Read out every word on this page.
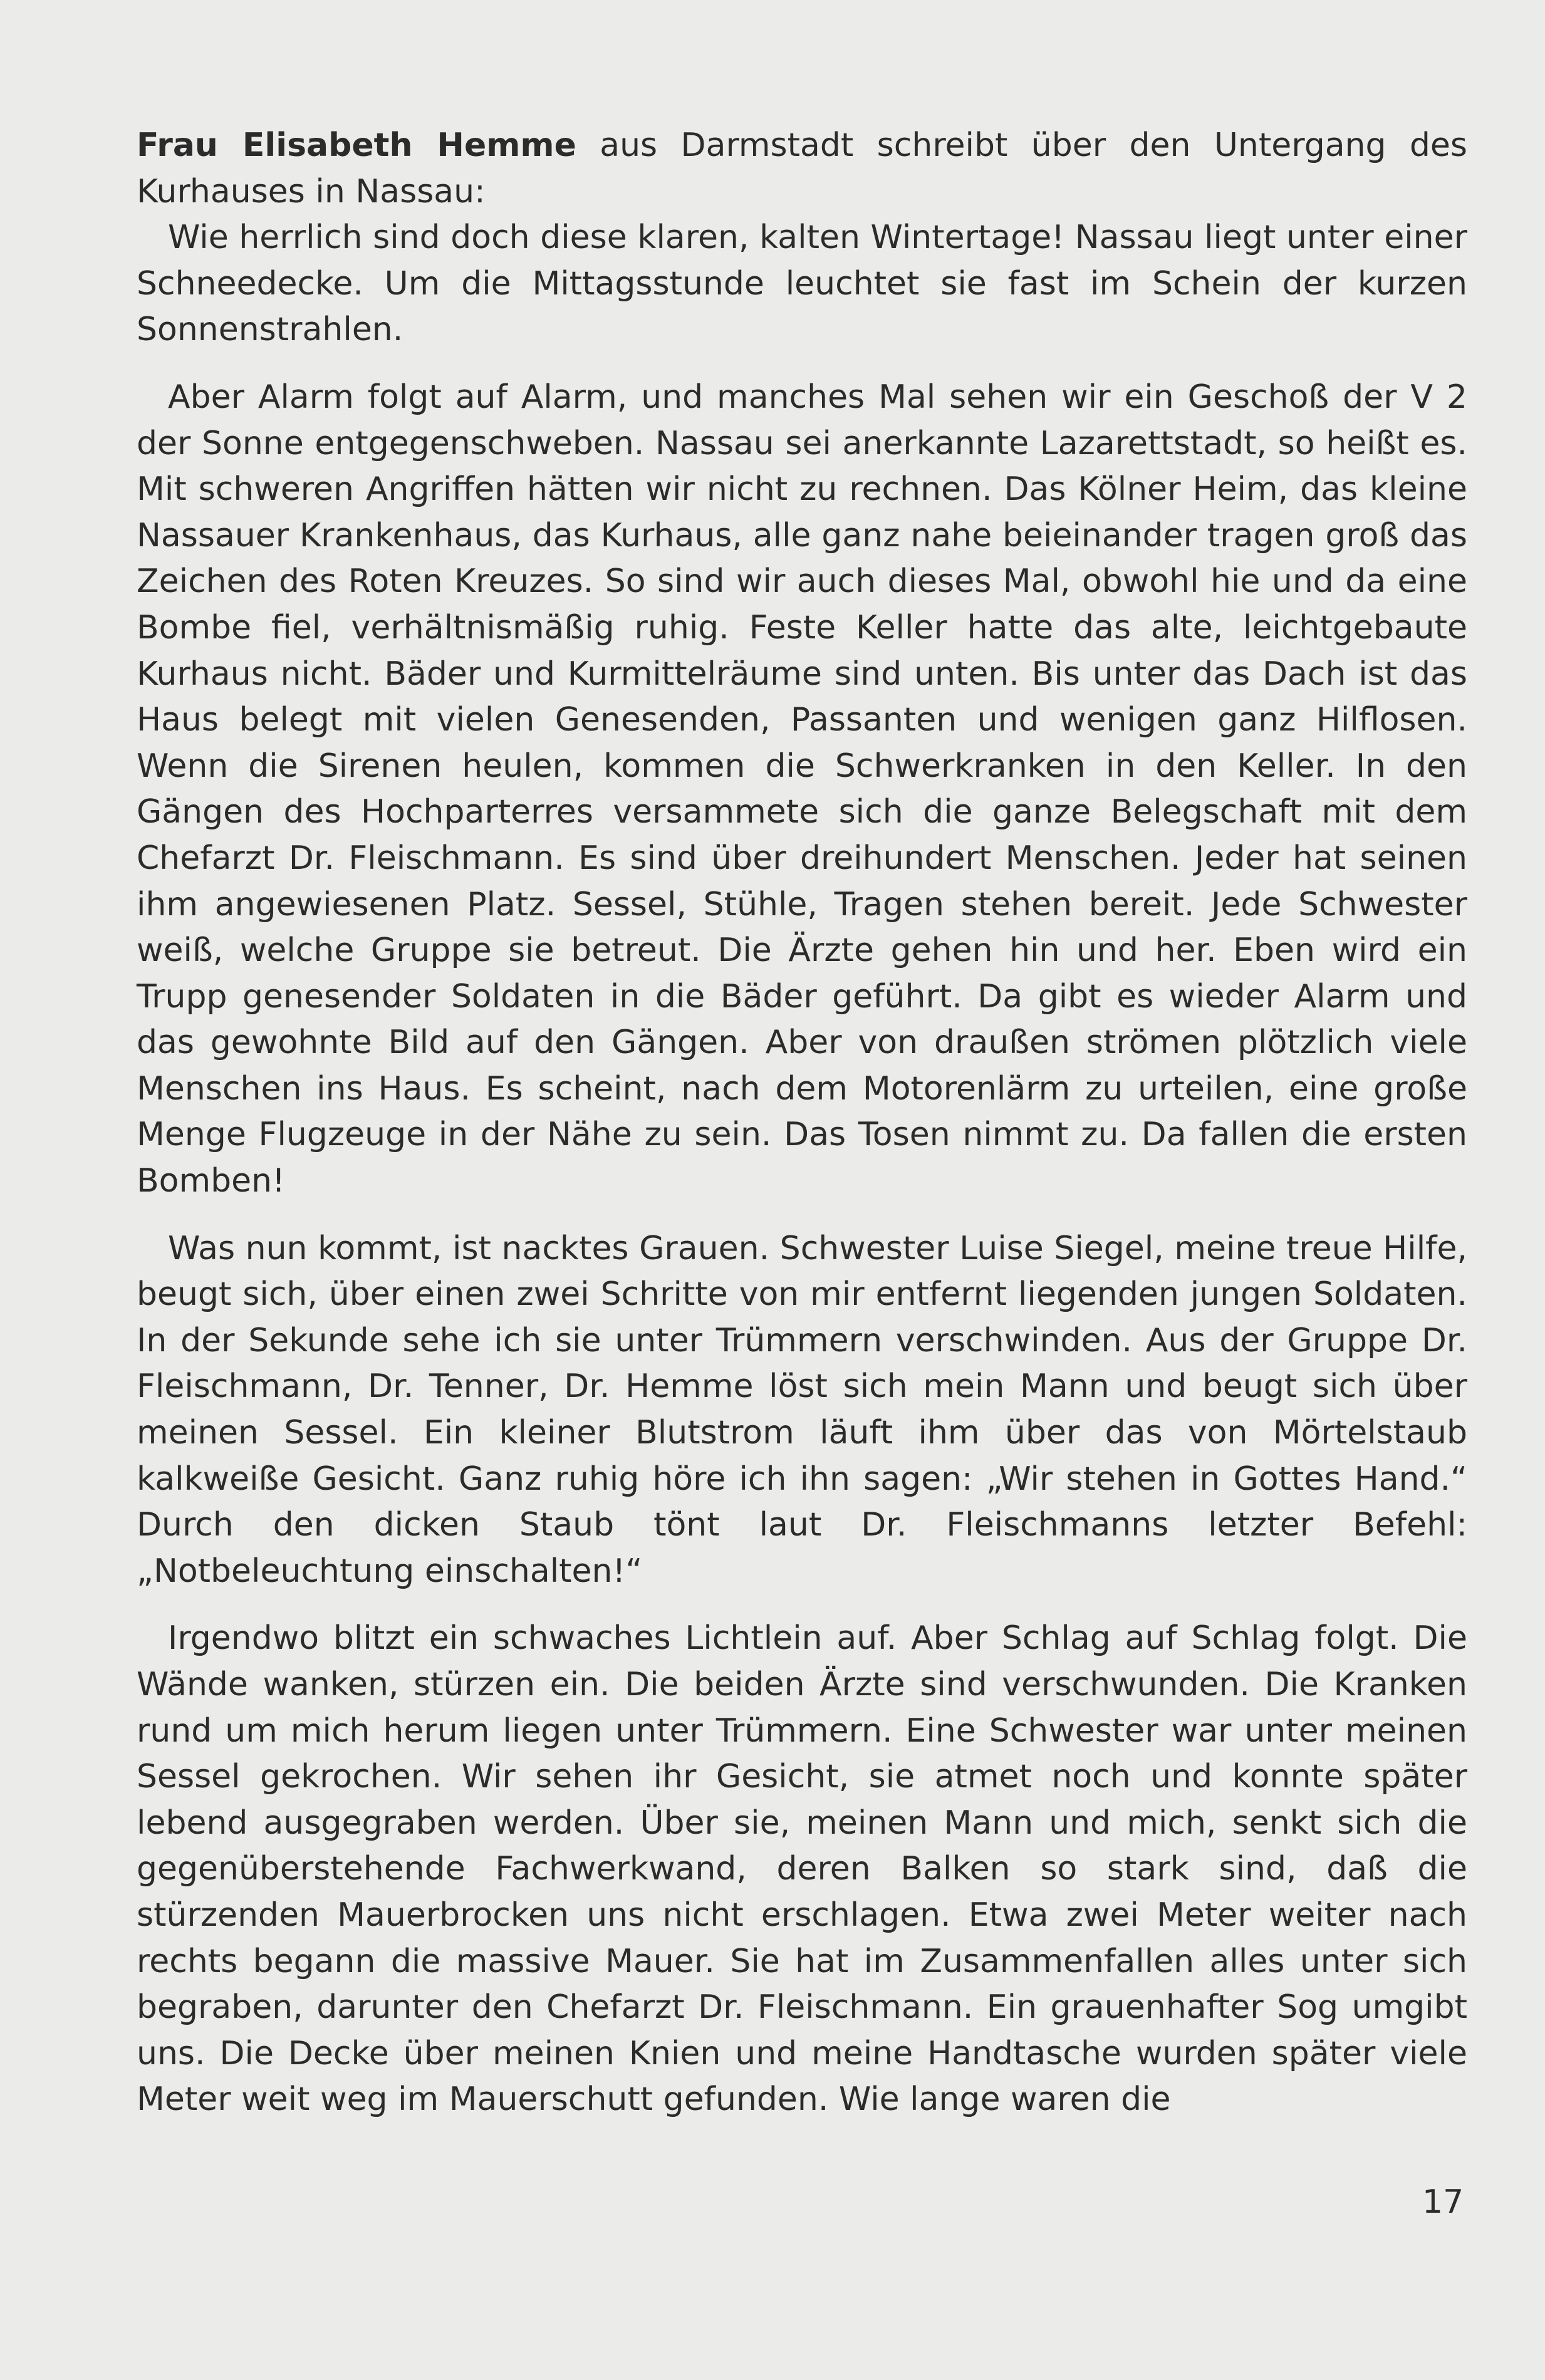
Frau Elisabeth Hemme aus Darmstadt schreibt über den Untergang des Kurhauses in Nassau:

Wie herrlich sind doch diese klaren, kalten Wintertage! Nassau liegt unter einer Schneedecke. Um die Mittagsstunde leuchtet sie fast im Schein der kurzen Sonnenstrahlen.

Aber Alarm folgt auf Alarm, und manches Mal sehen wir ein Geschoß der V 2 der Sonne entgegenschweben. Nassau sei anerkannte Lazarettstadt, so heißt es. Mit schweren Angriffen hätten wir nicht zu rechnen. Das Kölner Heim, das kleine Nassauer Krankenhaus, das Kurhaus, alle ganz nahe beieinander tragen groß das Zeichen des Roten Kreuzes. So sind wir auch dieses Mal, obwohl hie und da eine Bombe fiel, verhältnismäßig ruhig. Feste Keller hatte das alte, leichtgebaute Kurhaus nicht. Bäder und Kurmittelräume sind unten. Bis unter das Dach ist das Haus belegt mit vielen Genesenden, Passanten und wenigen ganz Hilflosen. Wenn die Sirenen heulen, kommen die Schwerkranken in den Keller. In den Gängen des Hochparterres versammete sich die ganze Belegschaft mit dem Chefarzt Dr. Fleischmann. Es sind über dreihundert Menschen. Jeder hat seinen ihm angewiesenen Platz. Sessel, Stühle, Tragen stehen bereit. Jede Schwester weiß, welche Gruppe sie betreut. Die Ärzte gehen hin und her. Eben wird ein Trupp genesender Soldaten in die Bäder geführt. Da gibt es wieder Alarm und das gewohnte Bild auf den Gängen. Aber von draußen strömen plötzlich viele Menschen ins Haus. Es scheint, nach dem Motorenlärm zu urteilen, eine große Menge Flugzeuge in der Nähe zu sein. Das Tosen nimmt zu. Da fallen die ersten Bomben!

Was nun kommt, ist nacktes Grauen. Schwester Luise Siegel, meine treue Hilfe, beugt sich, über einen zwei Schritte von mir entfernt liegenden jungen Soldaten. In der Sekunde sehe ich sie unter Trümmern verschwinden. Aus der Gruppe Dr. Fleischmann, Dr. Tenner, Dr. Hemme löst sich mein Mann und beugt sich über meinen Sessel. Ein kleiner Blutstrom läuft ihm über das von Mörtelstaub kalkweiße Gesicht. Ganz ruhig höre ich ihn sagen: „Wir stehen in Gottes Hand.“ Durch den dicken Staub tönt laut Dr. Fleischmanns letzter Befehl: „Notbeleuchtung einschalten!“

Irgendwo blitzt ein schwaches Lichtlein auf. Aber Schlag auf Schlag folgt. Die Wände wanken, stürzen ein. Die beiden Ärzte sind verschwunden. Die Kranken rund um mich herum liegen unter Trümmern. Eine Schwester war unter meinen Sessel gekrochen. Wir sehen ihr Gesicht, sie atmet noch und konnte später lebend ausgegraben werden. Über sie, meinen Mann und mich, senkt sich die gegenüberstehende Fachwerkwand, deren Balken so stark sind, daß die stürzenden Mauerbrocken uns nicht erschlagen. Etwa zwei Meter weiter nach rechts begann die massive Mauer. Sie hat im Zusammenfallen alles unter sich begraben, darunter den Chefarzt Dr. Fleischmann. Ein grauenhafter Sog umgibt uns. Die Decke über meinen Knien und meine Handtasche wurden später viele Meter weit weg im Mauerschutt gefunden. Wie lange waren die

17
